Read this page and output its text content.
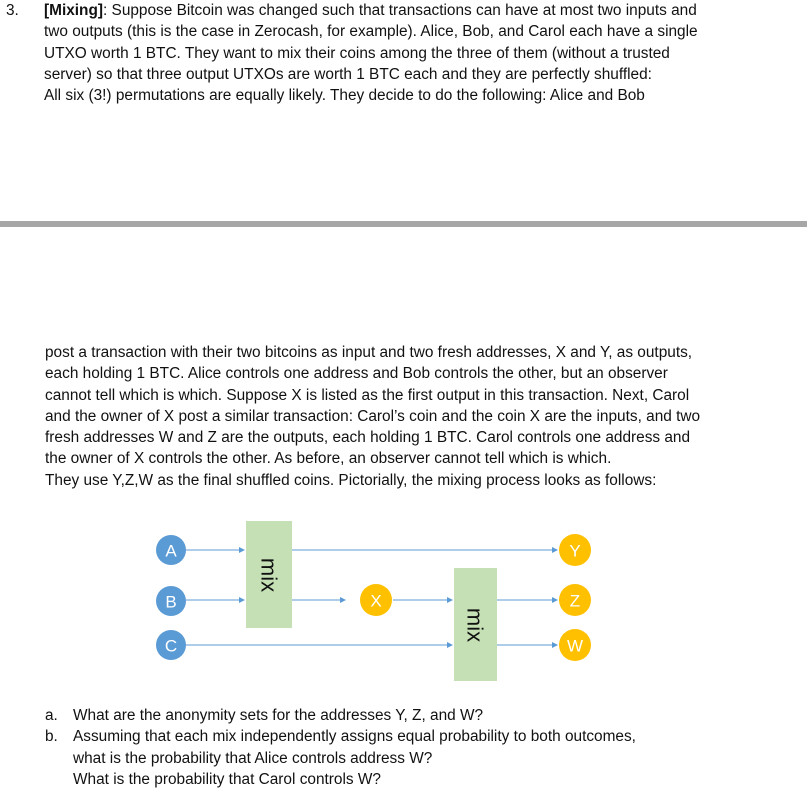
3. [Mixing]: Suppose Bitcoin was changed such that transactions can have at most two inputs and
two outputs (this is the case in Zerocash, for example). Alice, Bob, and Carol each have a single
UTXO worth 1 BTC. They want to mix their coins among the three of them (without a trusted
server) so that three output UTXOs are worth 1 BTC each and they are perfectly shuffled:
All six (3!) permutations are equally likely. They decide to do the following: Alice and Bob
post a transaction with their two bitcoins as input and two fresh addresses, X and Y, as outputs,
each holding 1 BTC. Alice controls one address and Bob controls the other, but an observer
cannot tell which is which. Suppose X is listed as the first output in this transaction. Next, Carol
and the owner of X post a similar transaction: Carol’s coin and the coin X are the inputs, and two
fresh addresses W and Z are the outputs, each holding 1 BTC. Carol controls one address and
the owner of X controls the other. As before, an observer cannot tell which is which.
They use Y,Z,W as the final shuffled coins. Pictorially, the mixing process looks as follows:
mix
mix
A
B
C
X
Y
Z
W
a. What are the anonymity sets for the addresses Y, Z, and W?
b. Assuming that each mix independently assigns equal probability to both outcomes,
what is the probability that Alice controls address W?
What is the probability that Carol controls W?
